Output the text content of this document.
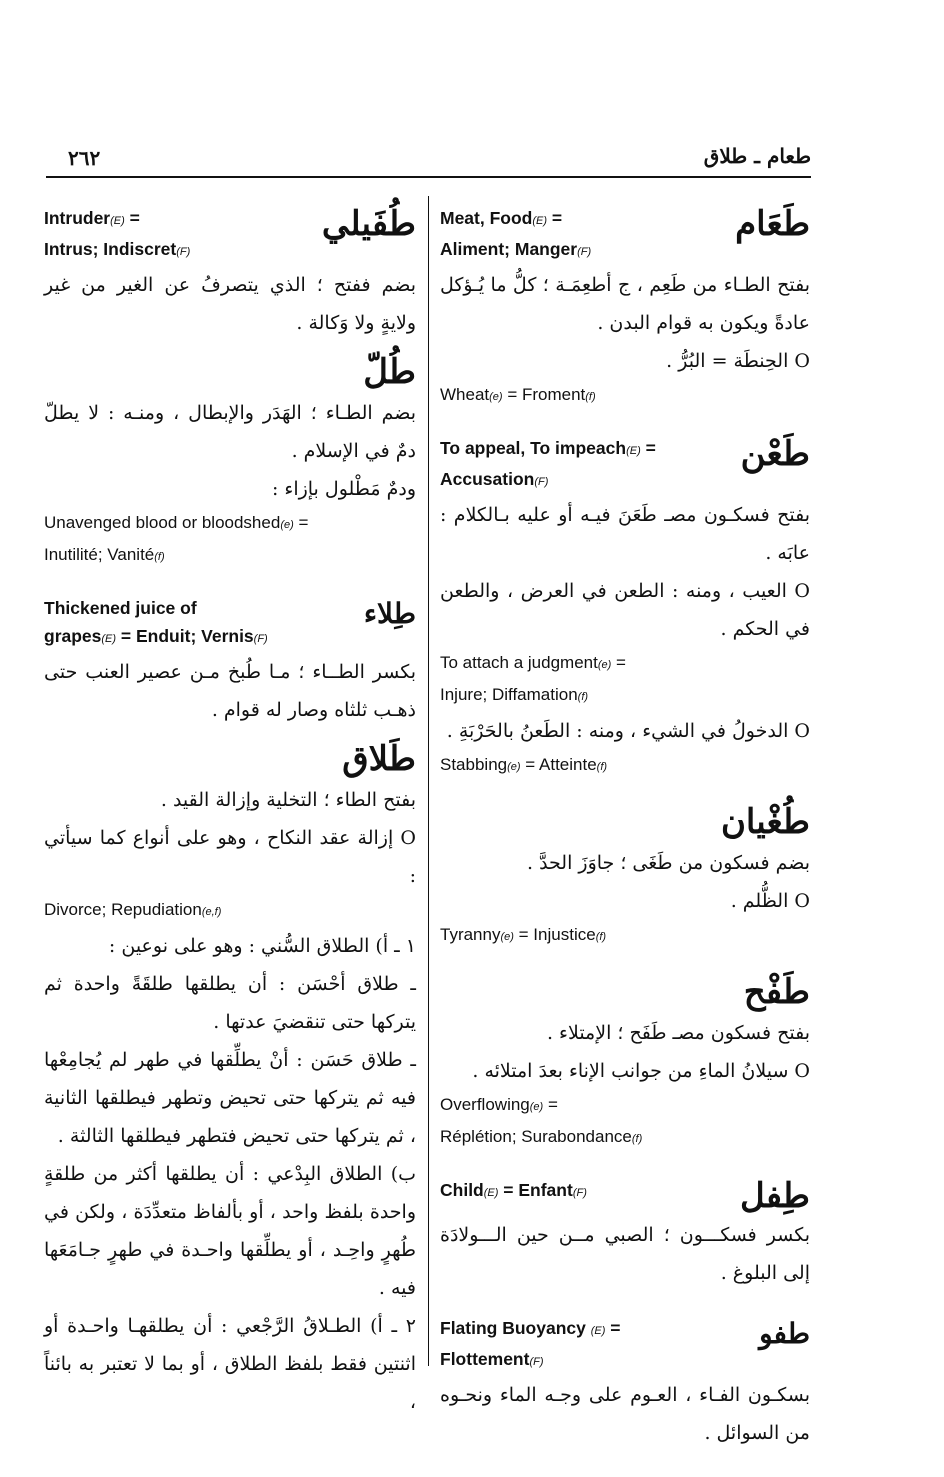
٢٦٢	طعام ـ طلاق
طَعَام
Meat, Food(E) =
Aliment; Manger(F)

بفتح الطـاء من طَعِم ، ج أطعِمَـة ؛ كلُّ ما يُـؤكل عادةً ويكون به قوام البدن .

O الحِنطَة = البُرُّ .

Wheat(e) = Froment(f)

طَعْن
To appeal, To impeach(E) =
Accusation(F)

بفتح فسكـون مصـ طَعَنَ فيـه أو عليه بـالكلام : عابَه .

O العيب ، ومنه : الطعن في العرض ، والطعن في الحكم .

To attach a judgment(e) =

Injure; Diffamation(f)

O الدخولُ في الشيء ، ومنه : الطَعنُ بالحَرْبَةِ .

Stabbing(e) = Atteinte(f)

طُغْيان

بضم فسكون من طَغَى ؛ جاوَزَ الحدَّ .

O الظُّلم .

Tyranny(e) = Injustice(f)

طَفْح

بفتح فسكون مصـ طَفَح ؛ الإمتلاء .

O سيلانُ الماءِ من جوانب الإناء بعدَ امتلائه .

Overflowing(e) =

Réplétion; Surabondance(f)

طِفل
Child(E) = Enfant(F)

بكسر فسكـــون ؛ الصبي مــن حين الـــولادَة إلى البلوغ .

طفو
Flating Buoyancy (E) =
Flottement(F)

بسكـون الفـاء ، العـوم على وجـه الماء ونحـوه من السوائل .

طُفَيلي
Intruder(E) =
Intrus; Indiscret(F)

بضم ففتح ؛ الذي يتصرفُ عن الغير من غير ولايةٍ ولا وَكالة .

طُلّ

بضم الطـاء ؛ الهَدَر والإبطال ، ومنـه : لا يطلّ دمٌ في الإسلام .

ودمٌ مَطْلول بإزاء :

Unavenged blood or bloodshed(e) =

Inutilité; Vanité(f)

طِلاء
Thickened juice of
grapes(E) = Enduit; Vernis(F)

بكسر الطــاء ؛ مـا طُبخ مـن عصير العنب حتى ذهـب ثلثاه وصار له قوام .

طَلاق

بفتح الطاء ؛ التخلية وإزالة القيد .

O إزالة عقد النكاح ، وهو على أنواع كما سيأتي :

Divorce; Repudiation(e,f)

١ ـ أ) الطلاق السُّني : وهو على نوعين :

ـ طلاق أحْسَن : أن يطلقها طلقَةً واحدة ثم يتركها حتى تنقضيَ عدتها .

ـ طلاق حَسَن : أنْ يطلِّقها في طهر لم يُجامِعْها فيه ثم يتركها حتى تحيض وتطهر فيطلقها الثانية ، ثم يتركها حتى تحيض فتطهر فيطلقها الثالثة .

ب) الطلاق البِدْعي : أن يطلقها أكثر من طلقةٍ واحدة بلفظ واحد ، أو بألفاظ متعدِّدَة ، ولكن في طُهرٍ واحِـد ، أو يطلِّقها واحـدة في طهرٍ جـامَعَها فيه .

٢ ـ أ) الطـلاقُ الرَّجْعي : أن يطلقهـا واحـدة أو اثنتين فقط بلفظ الطلاق ، أو بما لا تعتبر به بائناً ،
